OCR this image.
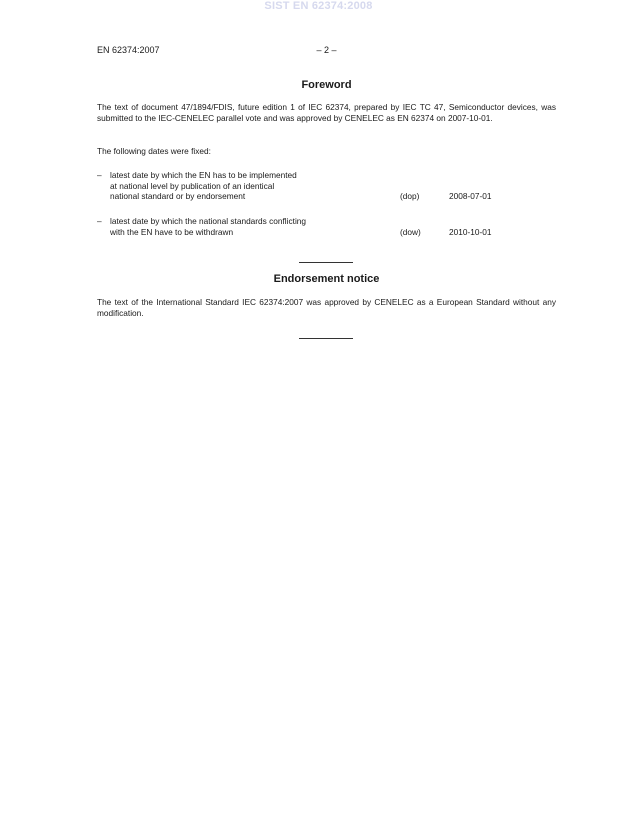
SIST EN 62374:2008
EN 62374:2007	– 2 –
Foreword

The text of document 47/1894/FDIS, future edition 1 of IEC 62374, prepared by IEC TC 47, Semiconductor devices, was submitted to the IEC-CENELEC parallel vote and was approved by CENELEC as EN 62374 on 2007-10-01.

The following dates were fixed:

– latest date by which the EN has to be implemented
at national level by publication of an identical
national standard or by endorsement	(dop)	2008-07-01
– latest date by which the national standards conflicting
with the EN have to be withdrawn	(dow)	2010-10-01
Endorsement notice

The text of the International Standard IEC 62374:2007 was approved by CENELEC as a European Standard without any modification.
